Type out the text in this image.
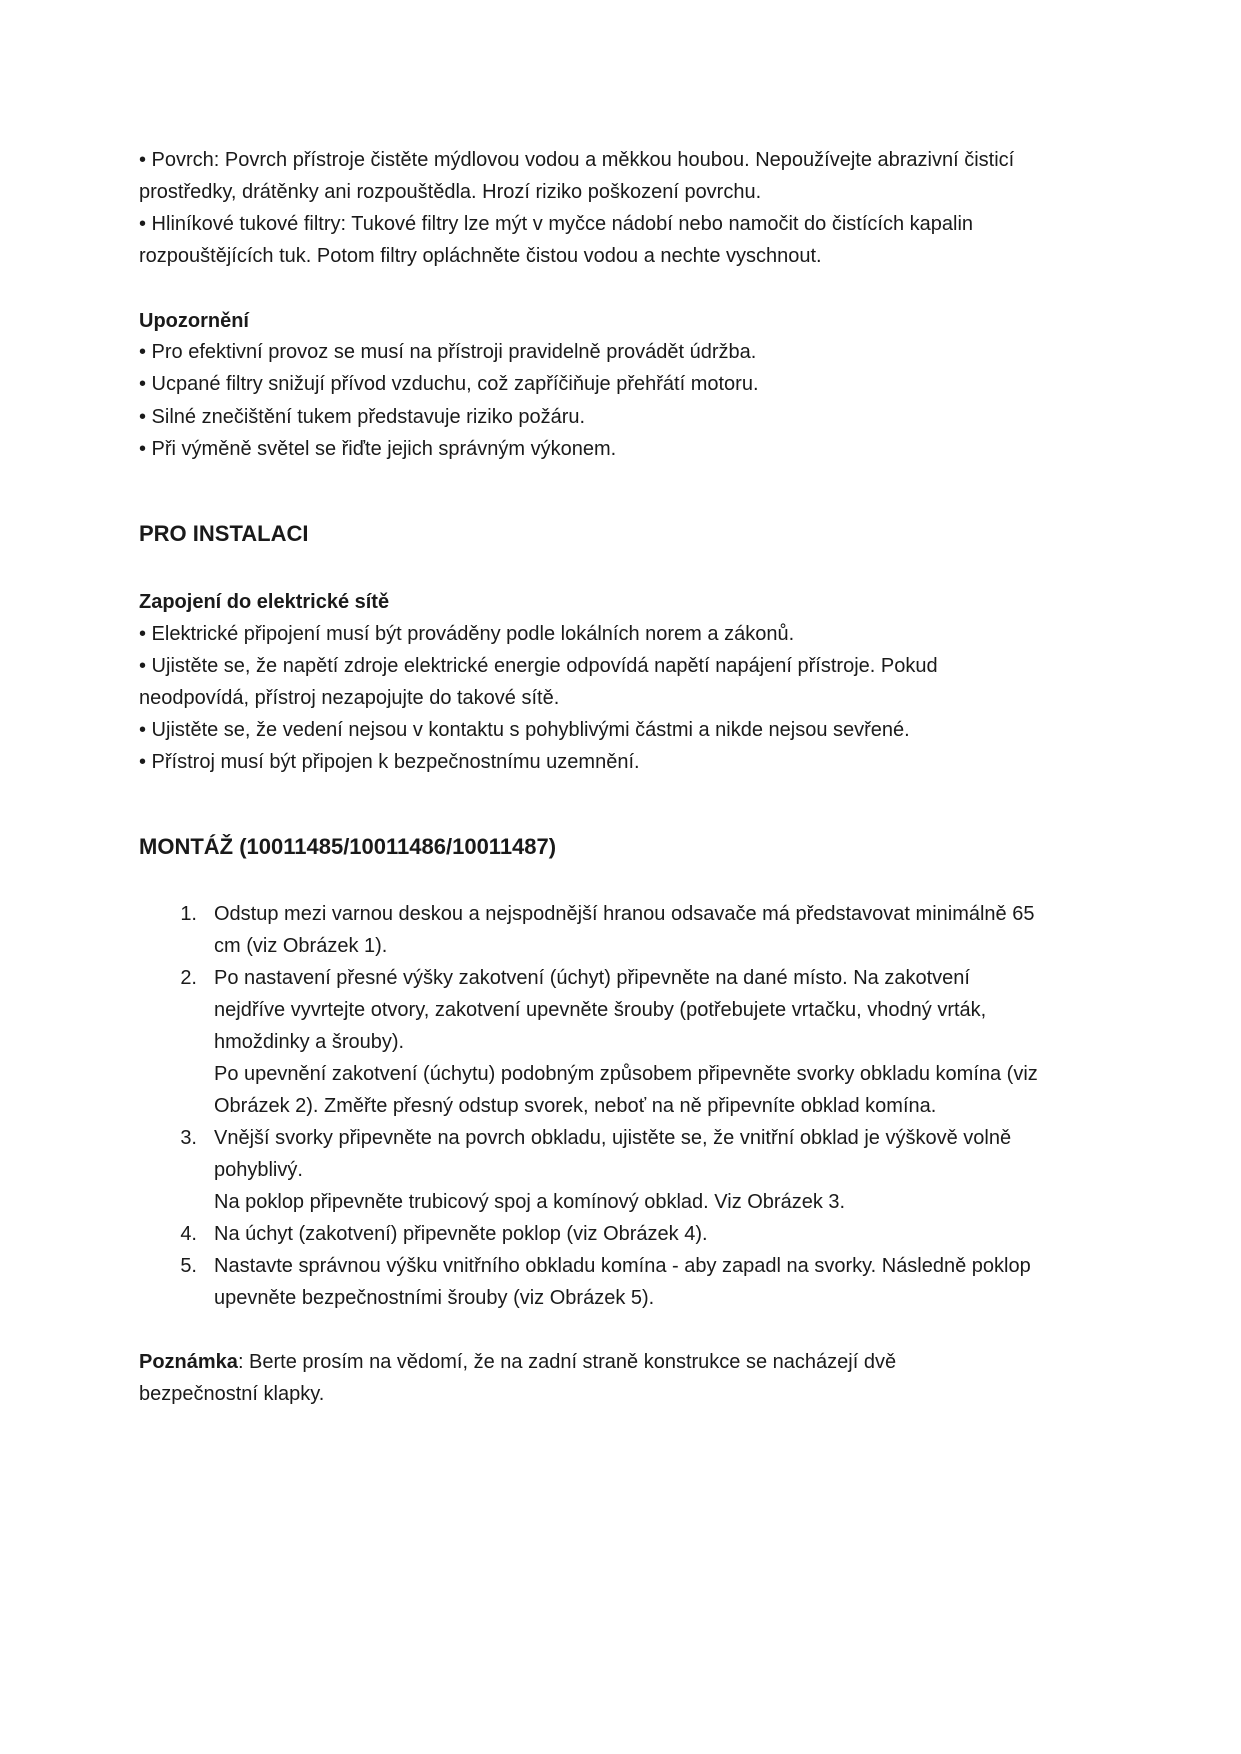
• Povrch: Povrch přístroje čistěte mýdlovou vodou a měkkou houbou. Nepoužívejte abrazivní čisticí
prostředky, drátěnky ani rozpouštědla. Hrozí riziko poškození povrchu.
• Hliníkové tukové filtry: Tukové filtry lze mýt v myčce nádobí nebo namočit do čistících kapalin
rozpouštějících tuk. Potom filtry opláchněte čistou vodou a nechte vyschnout.
Upozornění
• Pro efektivní provoz se musí na přístroji pravidelně provádět údržba.
• Ucpané filtry snižují přívod vzduchu, což zapříčiňuje přehřátí motoru.
• Silné znečištění tukem představuje riziko požáru.
• Při výměně světel se řiďte jejich správným výkonem.
PRO INSTALACI
Zapojení do elektrické sítě
• Elektrické připojení musí být prováděny podle lokálních norem a zákonů.
• Ujistěte se, že napětí zdroje elektrické energie odpovídá napětí napájení přístroje. Pokud
neodpovídá, přístroj nezapojujte do takové sítě.
• Ujistěte se, že vedení nejsou v kontaktu s pohyblivými částmi a nikde nejsou sevřené.
• Přístroj musí být připojen k bezpečnostnímu uzemnění.
MONTÁŽ (10011485/10011486/10011487)
1. Odstup mezi varnou deskou a nejspodnější hranou odsavače má představovat minimálně 65
cm (viz Obrázek 1).
2. Po nastavení přesné výšky zakotvení (úchyt) připevněte na dané místo. Na zakotvení
nejdříve vyvrtejte otvory, zakotvení upevněte šrouby (potřebujete vrtačku, vhodný vrták,
hmoždinky a šrouby).
Po upevnění zakotvení (úchytu) podobným způsobem připevněte svorky obkladu komína (viz
Obrázek 2). Změřte přesný odstup svorek, neboť na ně připevníte obklad komína.
3. Vnější svorky připevněte na povrch obkladu, ujistěte se, že vnitřní obklad je výškově volně
pohyblivý.
Na poklop připevněte trubicový spoj a komínový obklad. Viz Obrázek 3.
4. Na úchyt (zakotvení) připevněte poklop (viz Obrázek 4).
5. Nastavte správnou výšku vnitřního obkladu komína - aby zapadl na svorky. Následně poklop
upevněte bezpečnostními šrouby (viz Obrázek 5).
Poznámka: Berte prosím na vědomí, že na zadní straně konstrukce se nacházejí dvě
bezpečnostní klapky.
